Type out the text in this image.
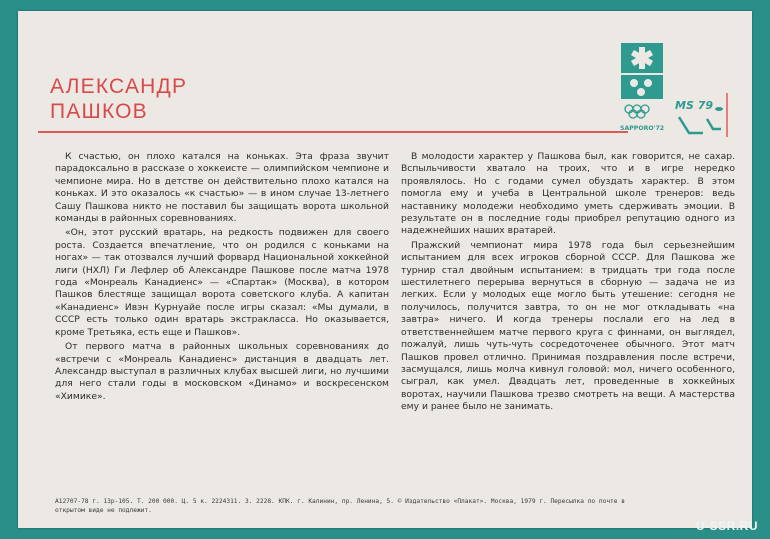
АЛЕКСАНДР
ПАШКОВ
SAPPORO'72
MS 79

К счастью, он плохо катался на коньках. Эта фраза звучит парадоксально в рассказе о хоккеисте — олимпийском чемпионе и чемпионе мира. Но в детстве он действительно плохо катался на коньках. И это оказалось «к счастью» — в ином случае 13-летнего Сашу Пашкова никто не поставил бы защищать ворота школьной команды в районных соревнованиях.

«Он, этот русский вратарь, на редкость подвижен для своего роста. Создается впечатление, что он родился с коньками на ногах» — так отозвался лучший форвард Национальной хоккейной лиги (НХЛ) Ги Лефлер об Александре Пашкове после матча 1978 года «Монреаль Канадиенс» — «Спартак» (Москва), в котором Пашков блестяще защищал ворота советского клуба. А капитан «Канадиенс» Ивэн Курнуайе после игры сказал: «Мы думали, в СССР есть только один вратарь экстракласса. Но оказывается, кроме Третьяка, есть еще и Пашков».

От первого матча в районных школьных соревнованиях до «встречи с «Монреаль Канадиенс» дистанция в двадцать лет. Александр выступал в различных клубах высшей лиги, но лучшими для него стали годы в московском «Динамо» и воскресенском «Химике».

В молодости характер у Пашкова был, как говорится, не сахар. Вспыльчивости хватало на троих, что и в игре нередко проявлялось. Но с годами сумел обуздать характер. В этом помогла ему и учеба в Центральной школе тренеров: ведь наставнику молодежи необходимо уметь сдерживать эмоции. В результате он в последние годы приобрел репутацию одного из надежнейших наших вратарей.

Пражский чемпионат мира 1978 года был серьезнейшим испытанием для всех игроков сборной СССР. Для Пашкова же турнир стал двойным испытанием: в тридцать три года после шестилетнего перерыва вернуться в сборную — задача не из легких. Если у молодых еще могло быть утешение: сегодня не получилось, получится завтра, то он не мог откладывать «на завтра» ничего. И когда тренеры послали его на лед в ответственнейшем матче первого круга с финнами, он выглядел, пожалуй, лишь чуть-чуть сосредоточенее обычного. Этот матч Пашков провел отлично. Принимая поздравления после встречи, засмущался, лишь молча кивнул головой: мол, ничего особенного, сыграл, как умел. Двадцать лет, проведенные в хоккейных воротах, научили Пашкова трезво смотреть на вещи. А мастерства ему и ранее было не занимать.

А12707-78 г. 13р-105. Т. 200 000. Ц. 5 к. 2224311. З. 2228. КПК. г. Калинин, пр. Ленина, 5. © Издательство «Плакат». Москва, 1979 г. Пересылка по почте в
открытом виде не подлежит.
U-SSR.RU
